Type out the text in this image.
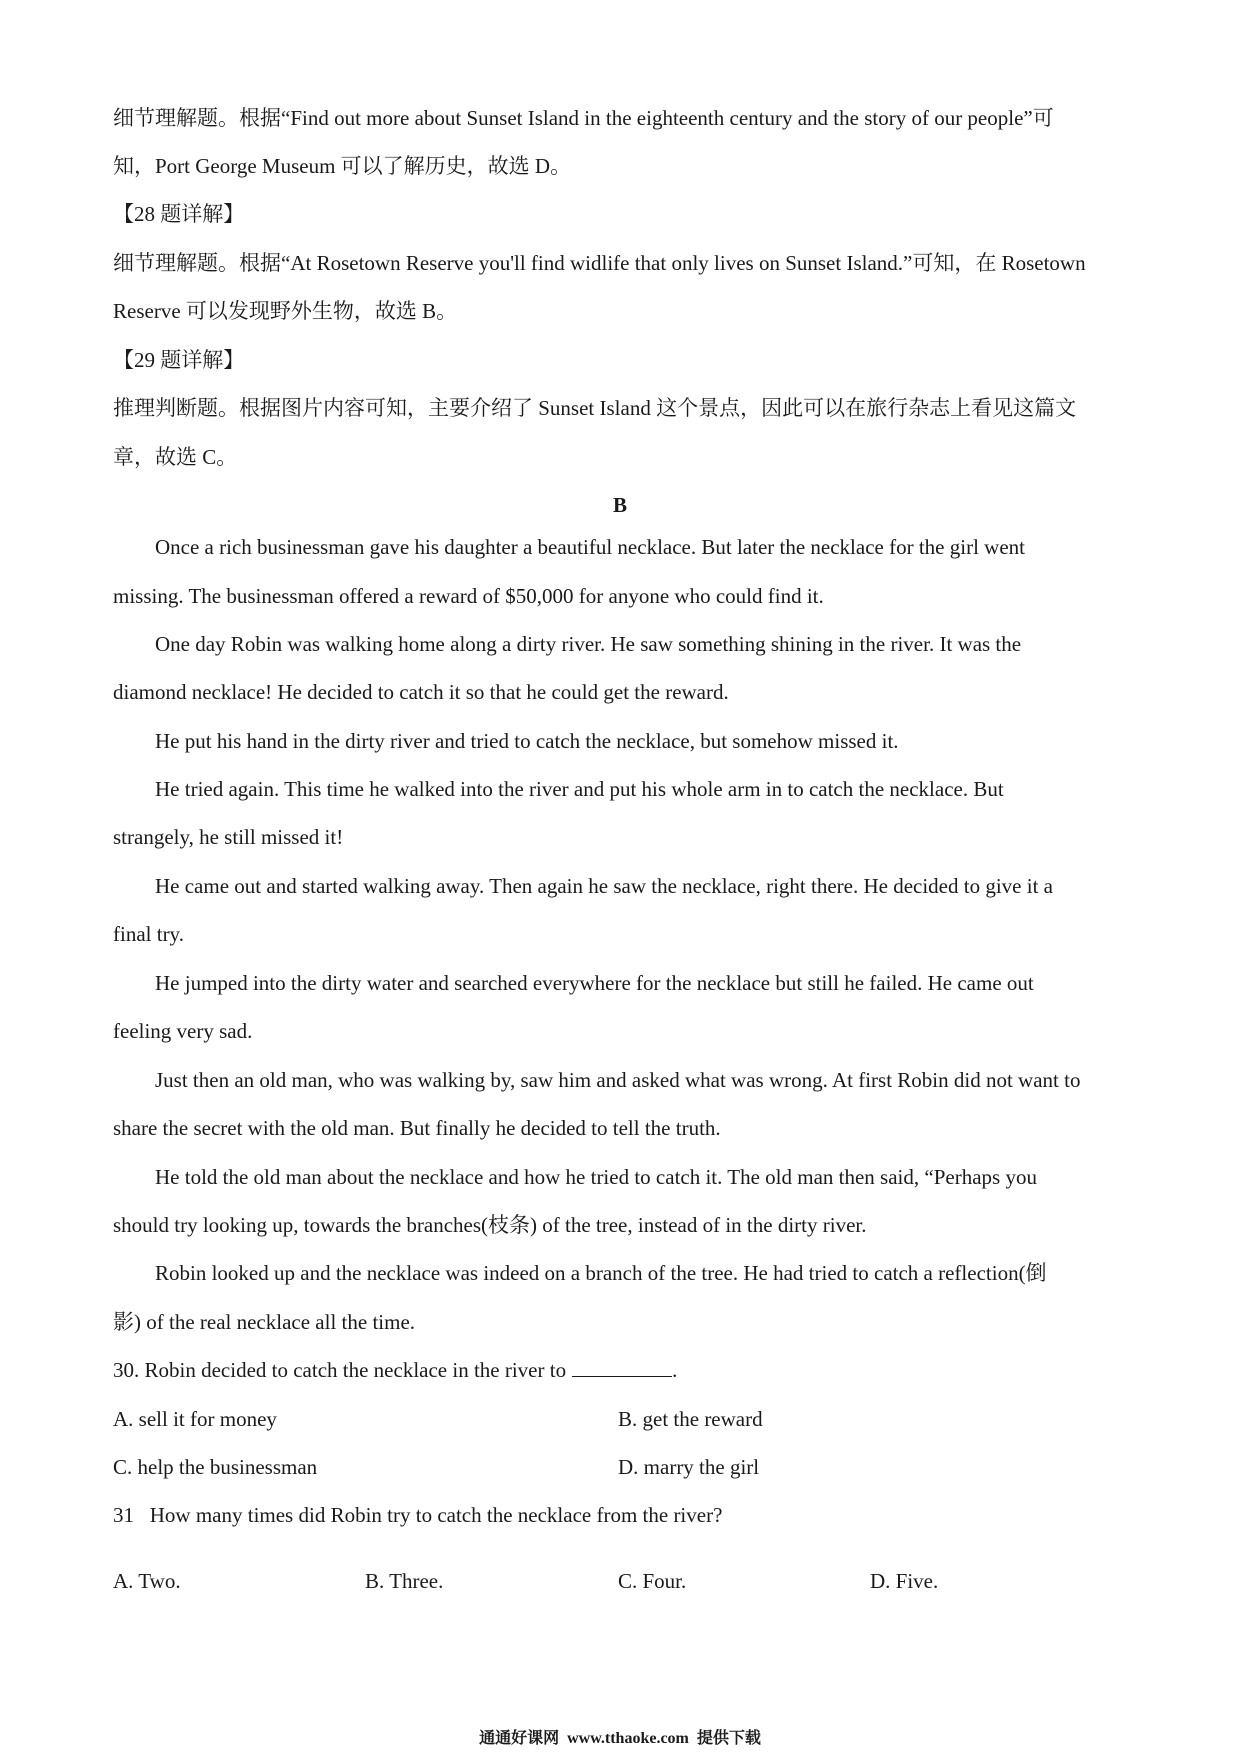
细节理解题。根据“Find out more about Sunset Island in the eighteenth century and the story of our people”可
知，Port George Museum 可以了解历史，故选 D。
【28 题详解】
细节理解题。根据“At Rosetown Reserve you'll find widlife that only lives on Sunset Island.”可知，在 Rosetown
Reserve 可以发现野外生物，故选 B。
【29 题详解】
推理判断题。根据图片内容可知，主要介绍了 Sunset Island 这个景点，因此可以在旅行杂志上看见这篇文
章，故选 C。
B
Once a rich businessman gave his daughter a beautiful necklace. But later the necklace for the girl went
missing. The businessman offered a reward of $50,000 for anyone who could find it.
One day Robin was walking home along a dirty river. He saw something shining in the river. It was the
diamond necklace! He decided to catch it so that he could get the reward.
He put his hand in the dirty river and tried to catch the necklace, but somehow missed it.
He tried again. This time he walked into the river and put his whole arm in to catch the necklace. But
strangely, he still missed it!
He came out and started walking away. Then again he saw the necklace, right there. He decided to give it a
final try.
He jumped into the dirty water and searched everywhere for the necklace but still he failed. He came out
feeling very sad.
Just then an old man, who was walking by, saw him and asked what was wrong. At first Robin did not want to
share the secret with the old man. But finally he decided to tell the truth.
He told the old man about the necklace and how he tried to catch it. The old man then said, “Perhaps you
should try looking up, towards the branches(枝条) of the tree, instead of in the dirty river.
Robin looked up and the necklace was indeed on a branch of the tree. He had tried to catch a reflection(倒
影) of the real necklace all the time.
30. Robin decided to catch the necklace in the river to	.
A. sell it for money	B. get the reward
C. help the businessman	D. marry the girl
31   How many times did Robin try to catch the necklace from the river?
A. Two.	B. Three.	C. Four.	D. Five.
通通好课网  www.tthaoke.com  提供下载
